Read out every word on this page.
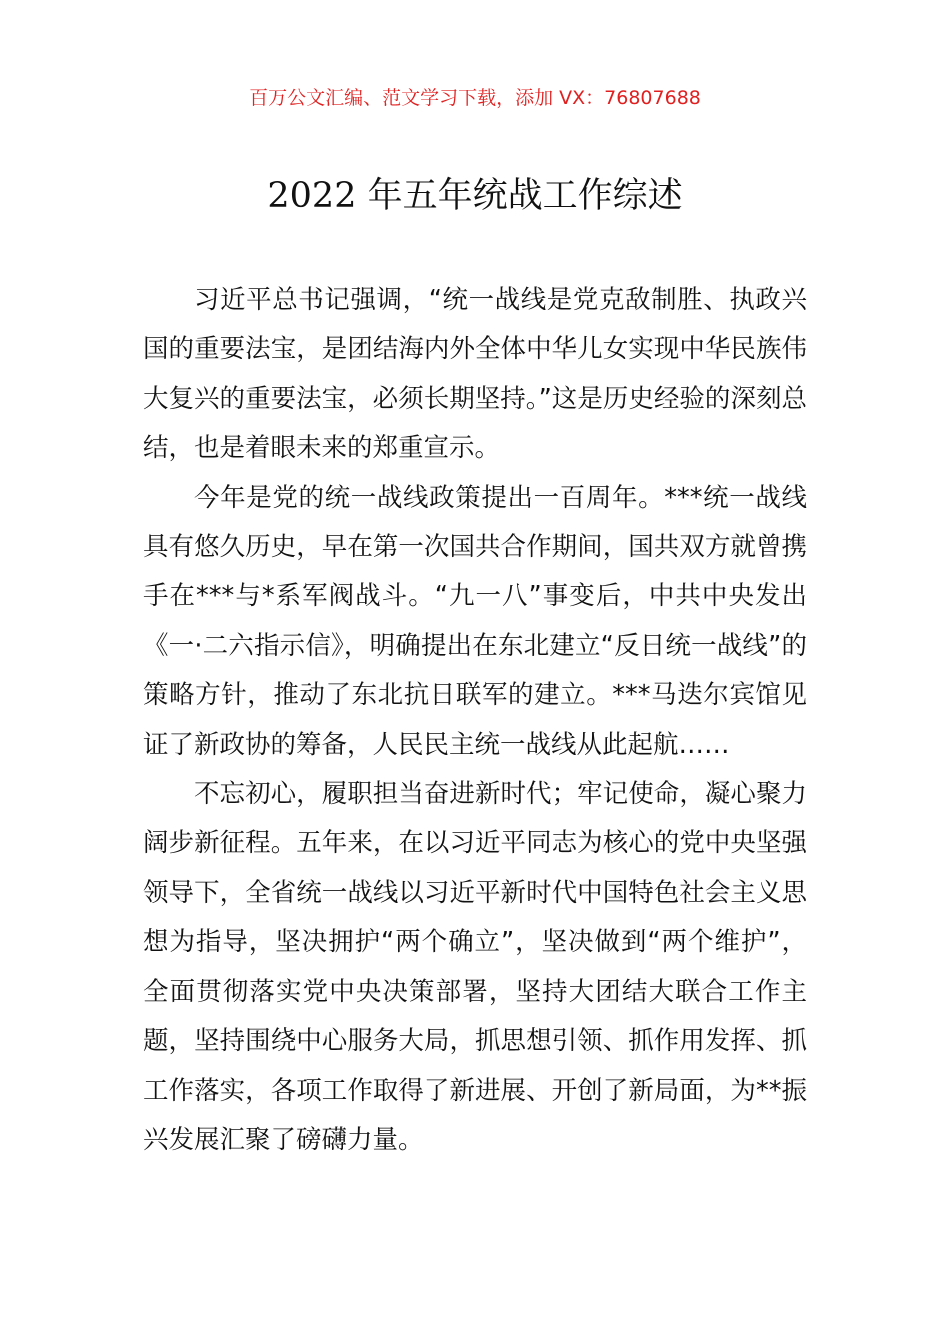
百万公文汇编、范文学习下载，添加 VX：76807688
2022 年五年统战工作综述

习近平总书记强调，“统一战线是党克敌制胜、执政兴国的重要法宝，是团结海内外全体中华儿女实现中华民族伟大复兴的重要法宝，必须长期坚持。”这是历史经验的深刻总结，也是着眼未来的郑重宣示。

今年是党的统一战线政策提出一百周年。***统一战线具有悠久历史，早在第一次国共合作期间，国共双方就曾携手在***与*系军阀战斗。“九一八”事变后，中共中央发出《一·二六指示信》，明确提出在东北建立“反日统一战线”的策略方针，推动了东北抗日联军的建立。***马迭尔宾馆见证了新政协的筹备，人民民主统一战线从此起航……

不忘初心，履职担当奋进新时代；牢记使命，凝心聚力阔步新征程。五年来，在以习近平同志为核心的党中央坚强领导下，全省统一战线以习近平新时代中国特色社会主义思想为指导，坚决拥护“两个确立”，坚决做到“两个维护”，全面贯彻落实党中央决策部署，坚持大团结大联合工作主题，坚持围绕中心服务大局，抓思想引领、抓作用发挥、抓工作落实，各项工作取得了新进展、开创了新局面，为**振兴发展汇聚了磅礴力量。
